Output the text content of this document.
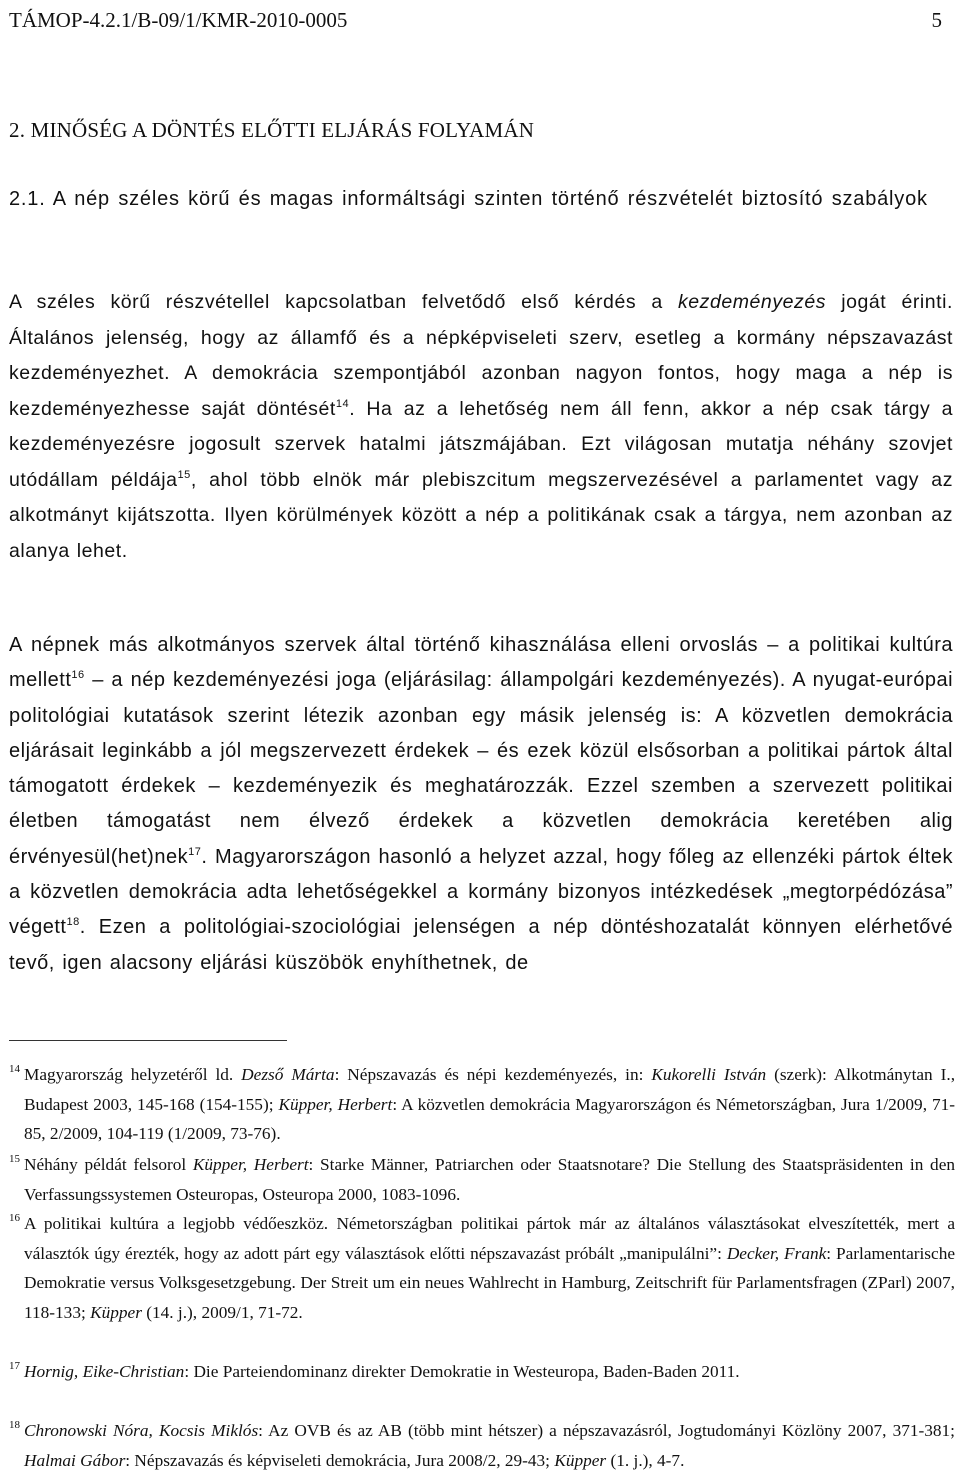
TÁMOP-4.2.1/B-09/1/KMR-2010-0005	5
2. MINŐSÉG A DÖNTÉS ELŐTTI ELJÁRÁS FOLYAMÁN
2.1. A nép széles körű és magas informáltsági szinten történő részvételét biztosító szabályok
A széles körű részvétellel kapcsolatban felvetődő első kérdés a kezdeményezés jogát érinti. Általános jelenség, hogy az államfő és a népképviseleti szerv, esetleg a kormány népszavazást kezdeményezhet. A demokrácia szempontjából azonban nagyon fontos, hogy maga a nép is kezdeményezhesse saját döntését$^{14}$. Ha az a lehetőség nem áll fenn, akkor a nép csak tárgy a kezdeményezésre jogosult szervek hatalmi játszmájában. Ezt világosan mutatja néhány szovjet utódállam példája$^{15}$, ahol több elnök már plebiszcitum megszervezésével a parlamentet vagy az alkotmányt kijátszotta. Ilyen körülmények között a nép a politikának csak a tárgya, nem azonban az alanya lehet.
A népnek más alkotmányos szervek által történő kihasználása elleni orvoslás – a politikai kultúra mellett$^{16}$ – a nép kezdeményezési joga (eljárásilag: állampolgári kezdeményezés). A nyugat-európai politológiai kutatások szerint létezik azonban egy másik jelenség is: A közvetlen demokrácia eljárásait leginkább a jól megszervezett érdekek – és ezek közül elsősorban a politikai pártok által támogatott érdekek – kezdeményezik és meghatározzák. Ezzel szemben a szervezett politikai életben támogatást nem élvező érdekek a közvetlen demokrácia keretében alig érvényesül(het)nek$^{17}$. Magyarországon hasonló a helyzet azzal, hogy főleg az ellenzéki pártok éltek a közvetlen demokrácia adta lehetőségekkel a kormány bizonyos intézkedések „megtorpédózása” végett$^{18}$. Ezen a politológiai-szociológiai jelenségen a nép döntéshozatalát könnyen elérhetővé tevő, igen alacsony eljárási küszöbök enyhíthetnek, de
14 Magyarország helyzetéről ld. Dezső Márta: Népszavazás és népi kezdeményezés, in: Kukorelli István (szerk): Alkotmánytan I., Budapest 2003, 145-168 (154-155); Küpper, Herbert: A közvetlen demokrácia Magyarországon és Németországban, Jura 1/2009, 71-85, 2/2009, 104-119 (1/2009, 73-76).
15 Néhány példát felsorol Küpper, Herbert: Starke Männer, Patriarchen oder Staatsnotare? Die Stellung des Staatspräsidenten in den Verfassungssystemen Osteuropas, Osteuropa 2000, 1083-1096.
16 A politikai kultúra a legjobb védőeszköz. Németországban politikai pártok már az általános választásokat elveszítették, mert a választók úgy érezték, hogy az adott párt egy választások előtti népszavazást próbált „manipulálni”: Decker, Frank: Parlamentarische Demokratie versus Volksgesetzgebung. Der Streit um ein neues Wahlrecht in Hamburg, Zeitschrift für Parlamentsfragen (ZParl) 2007, 118-133; Küpper (14. j.), 2009/1, 71-72.
17 Hornig, Eike-Christian: Die Parteiendominanz direkter Demokratie in Westeuropa, Baden-Baden 2011.
18 Chronowski Nóra, Kocsis Miklós: Az OVB és az AB (több mint hétszer) a népszavazásról, Jogtudományi Közlöny 2007, 371-381; Halmai Gábor: Népszavazás és képviseleti demokrácia, Jura 2008/2, 29-43; Küpper (1. j.), 4-7.
